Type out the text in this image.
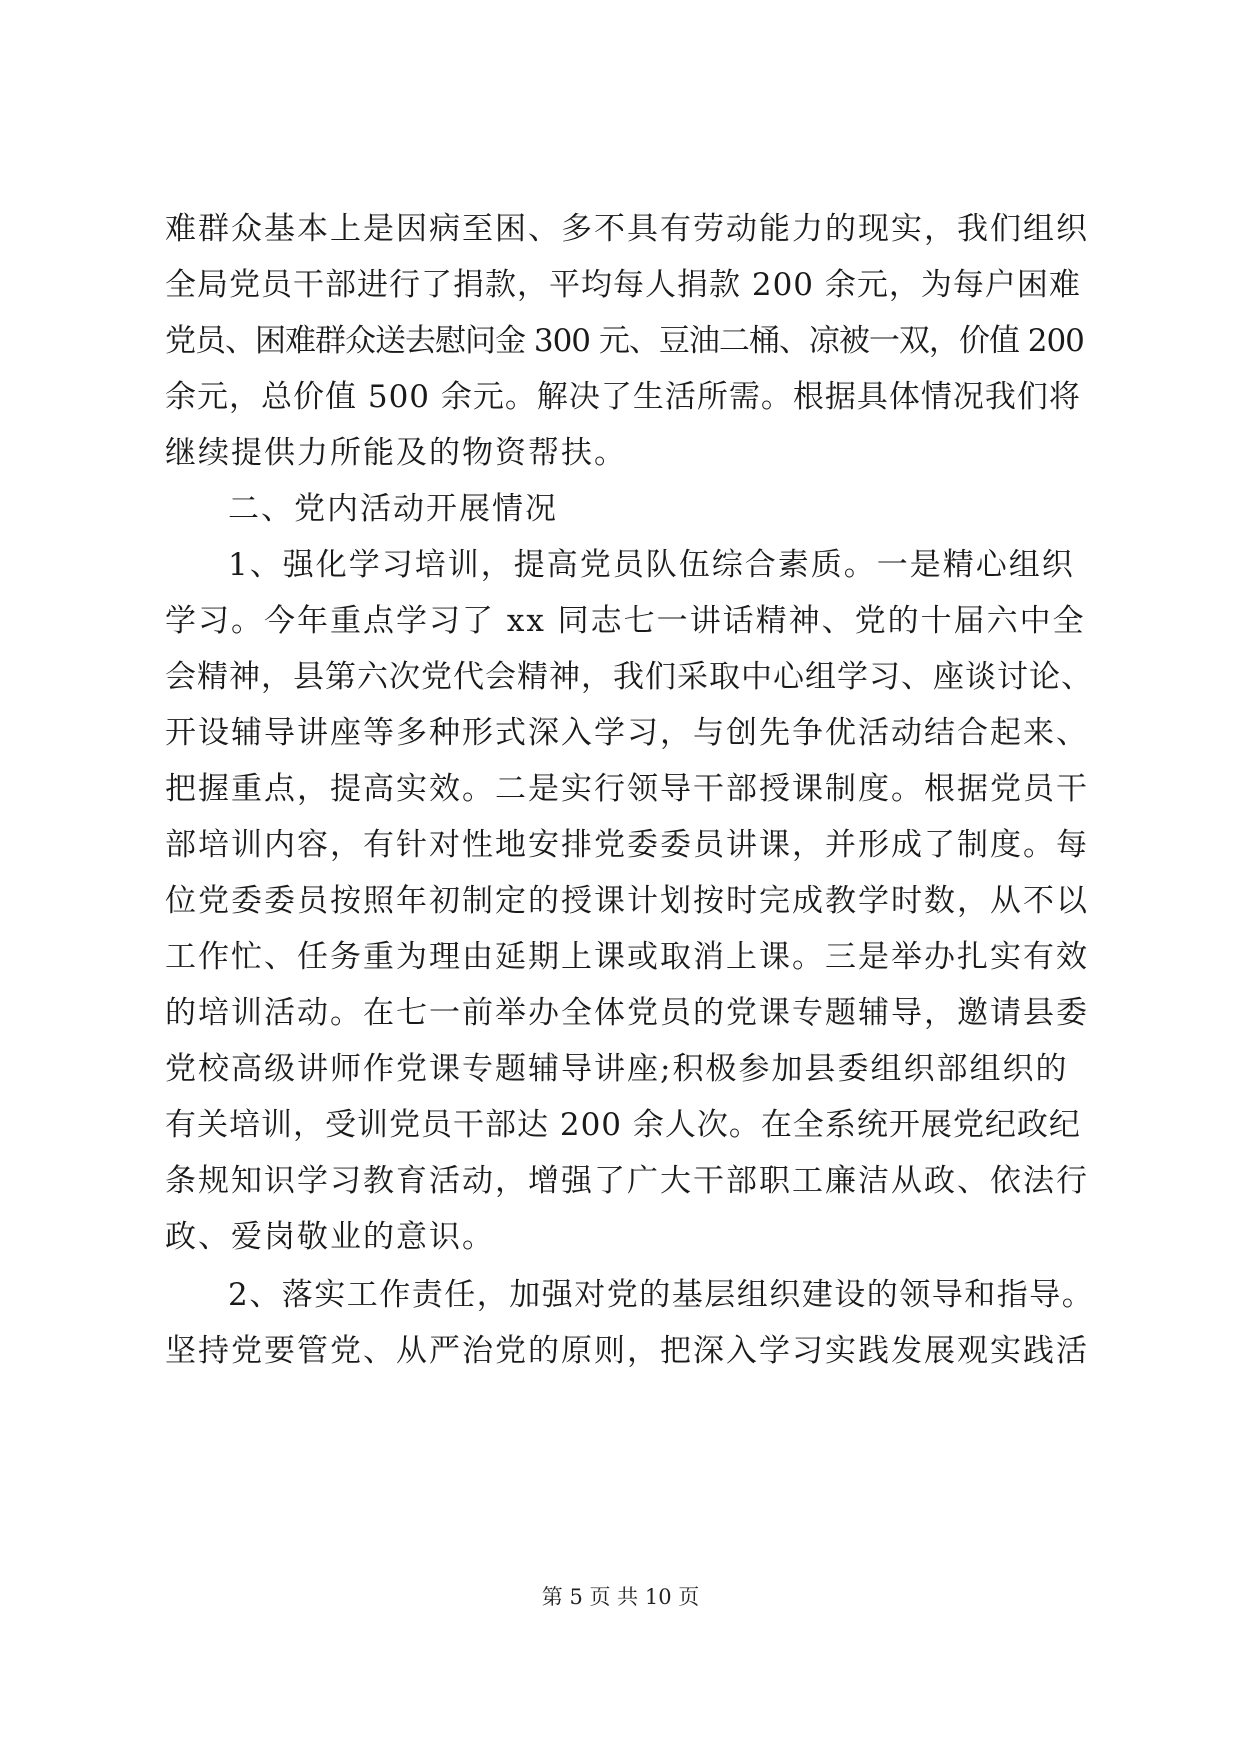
难群众基本上是因病至困、多不具有劳动能力的现实，我们组织
全局党员干部进行了捐款，平均每人捐款 200 余元，为每户困难
党员、困难群众送去慰问金 300 元、豆油二桶、凉被一双，价值 200
余元，总价值 500 余元。解决了生活所需。根据具体情况我们将
继续提供力所能及的物资帮扶。
二、党内活动开展情况
1、强化学习培训，提高党员队伍综合素质。一是精心组织
学习。今年重点学习了 xx 同志七一讲话精神、党的十届六中全
会精神，县第六次党代会精神，我们采取中心组学习、座谈讨论、
开设辅导讲座等多种形式深入学习，与创先争优活动结合起来、
把握重点，提高实效。二是实行领导干部授课制度。根据党员干
部培训内容，有针对性地安排党委委员讲课，并形成了制度。每
位党委委员按照年初制定的授课计划按时完成教学时数，从不以
工作忙、任务重为理由延期上课或取消上课。三是举办扎实有效
的培训活动。在七一前举办全体党员的党课专题辅导，邀请县委
党校高级讲师作党课专题辅导讲座;积极参加县委组织部组织的
有关培训，受训党员干部达 200 余人次。在全系统开展党纪政纪
条规知识学习教育活动，增强了广大干部职工廉洁从政、依法行
政、爱岗敬业的意识。
2、落实工作责任，加强对党的基层组织建设的领导和指导。
坚持党要管党、从严治党的原则，把深入学习实践发展观实践活
第 5 页 共 10 页
